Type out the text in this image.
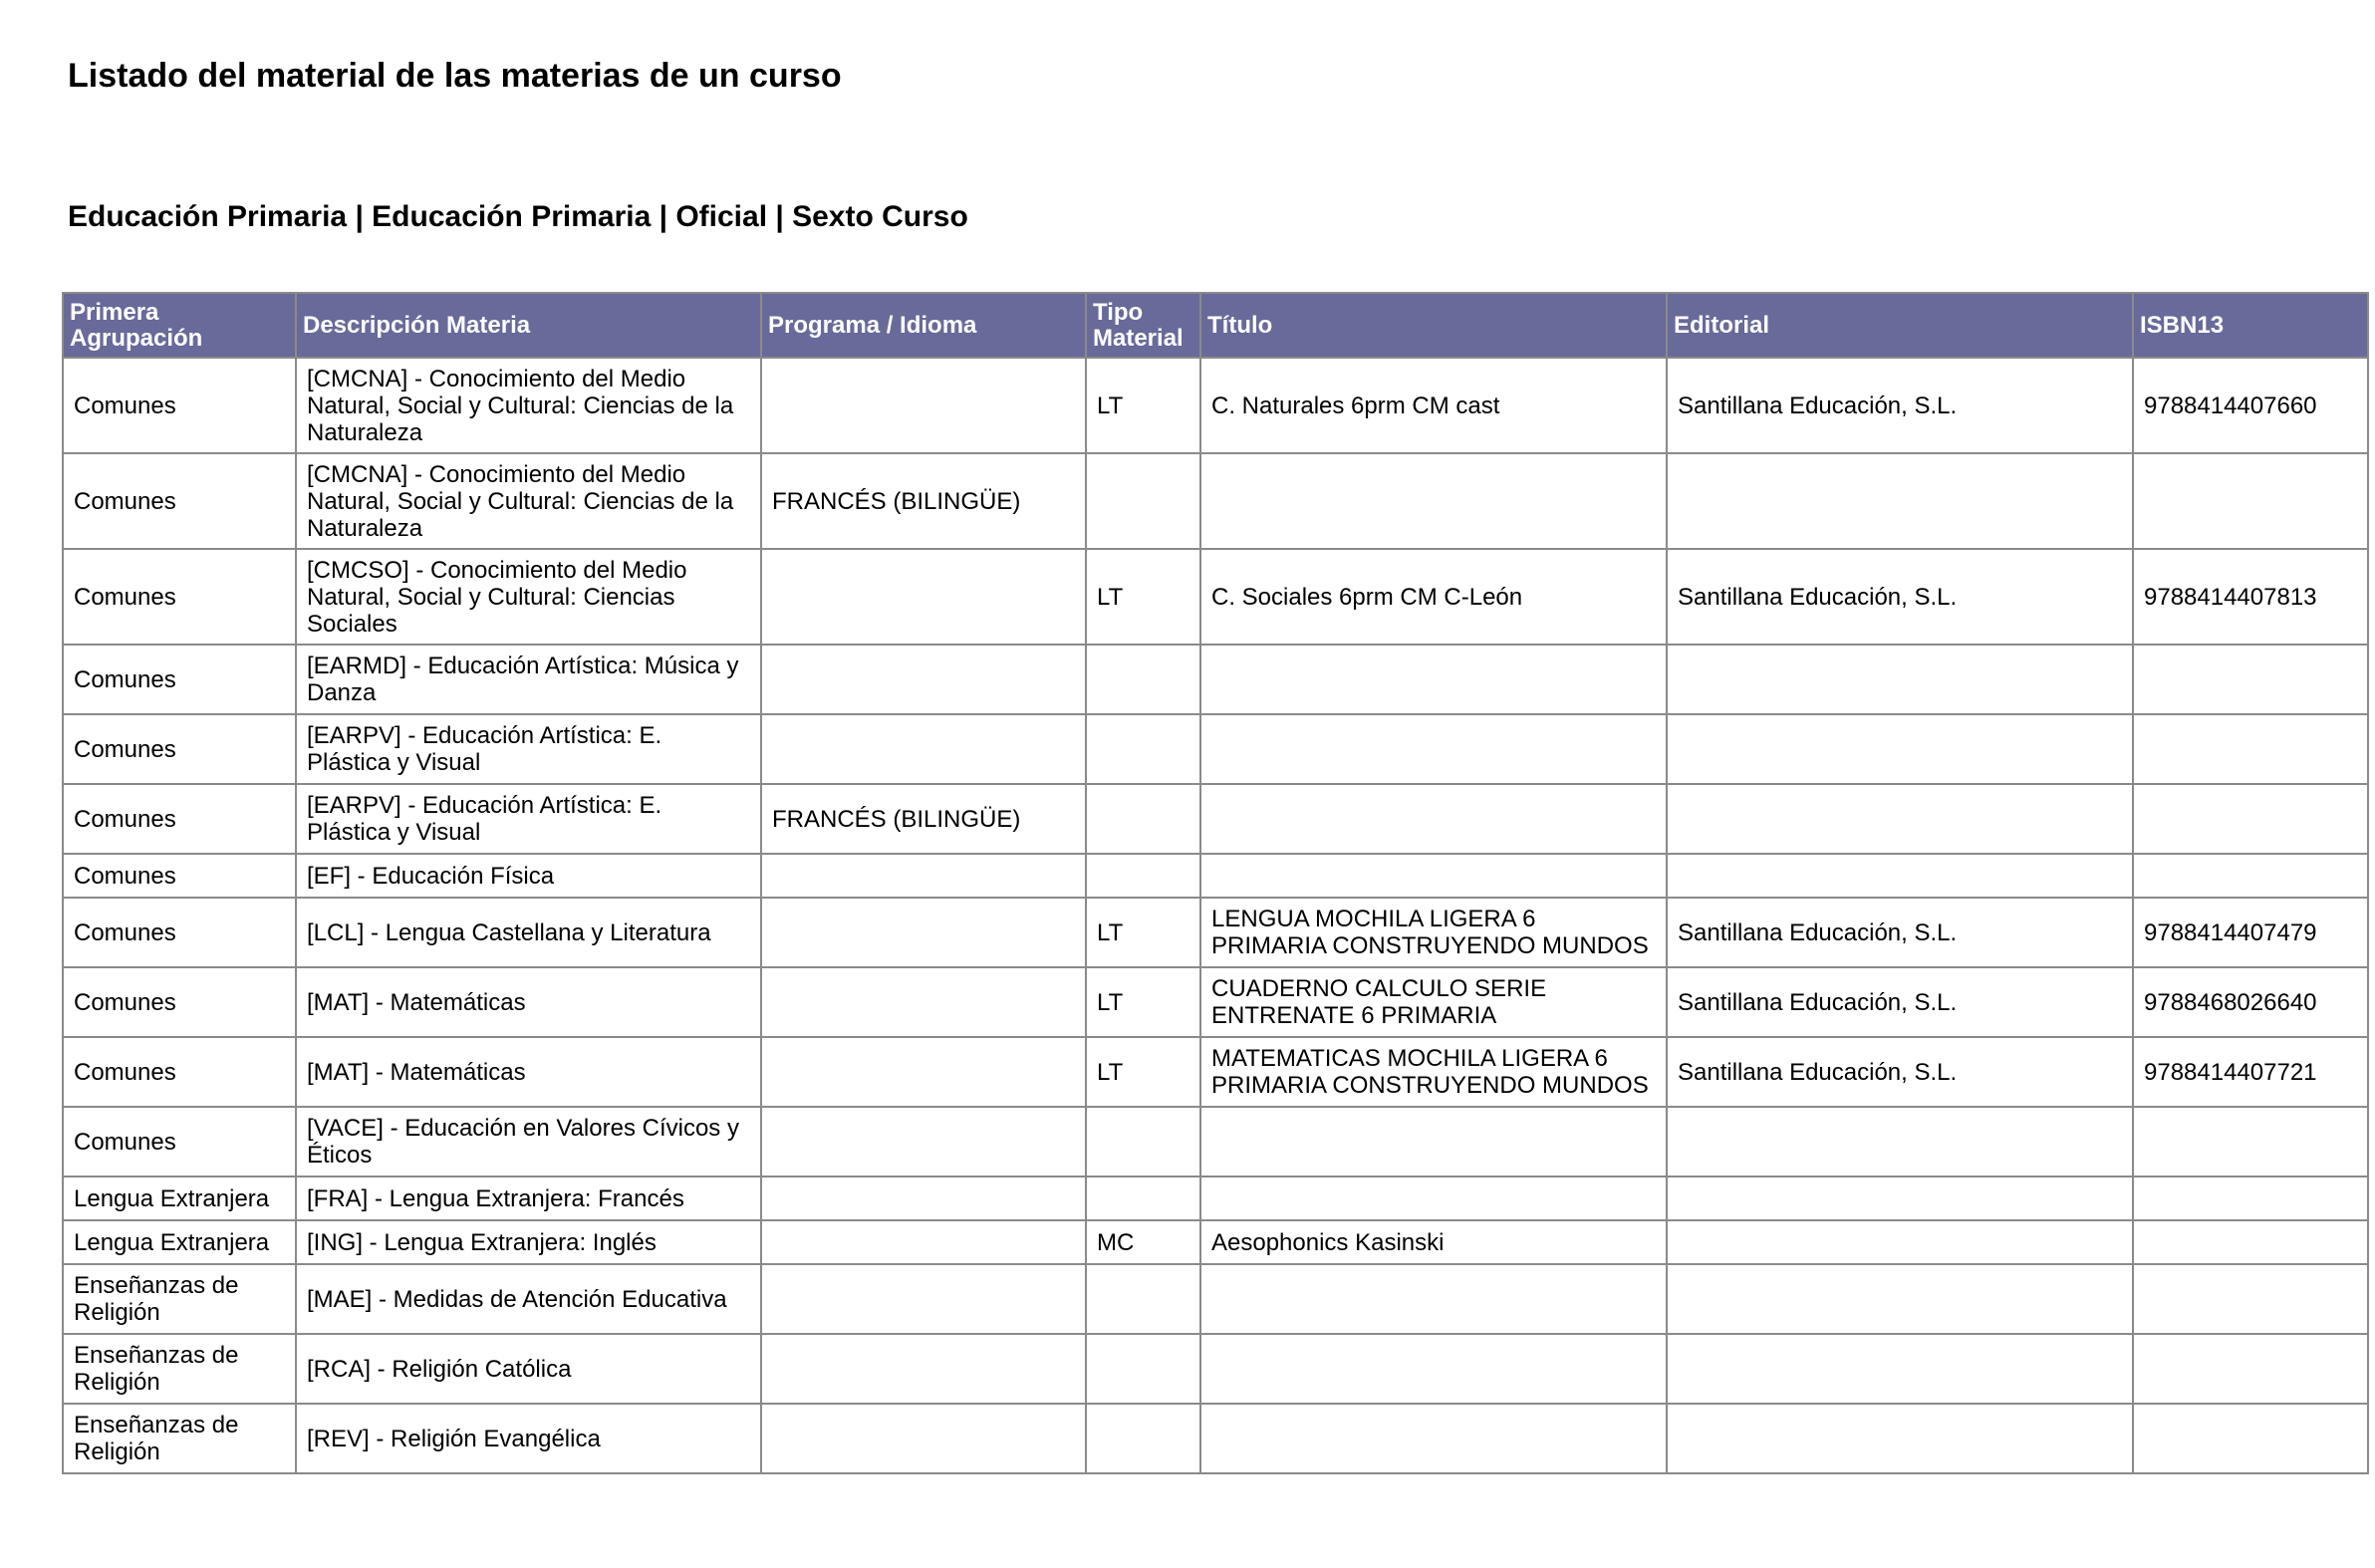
Listado del material de las materias de un curso
Educación Primaria | Educación Primaria | Oficial | Sexto Curso
Primera Agrupación	Descripción Materia	Programa / Idioma	Tipo Material	Título	Editorial	ISBN13
Comunes	[CMCNA] - Conocimiento del Medio Natural, Social y Cultural: Ciencias de la Naturaleza		LT	C. Naturales 6prm CM cast	Santillana Educación, S.L.	9788414407660
Comunes	[CMCNA] - Conocimiento del Medio Natural, Social y Cultural: Ciencias de la Naturaleza	FRANCÉS (BILINGÜE)				
Comunes	[CMCSO] - Conocimiento del Medio Natural, Social y Cultural: Ciencias Sociales		LT	C. Sociales 6prm CM C-León	Santillana Educación, S.L.	9788414407813
Comunes	[EARMD] - Educación Artística: Música y Danza					
Comunes	[EARPV] - Educación Artística: E. Plástica y Visual					
Comunes	[EARPV] - Educación Artística: E. Plástica y Visual	FRANCÉS (BILINGÜE)				
Comunes	[EF] - Educación Física					
Comunes	[LCL] - Lengua Castellana y Literatura		LT	LENGUA MOCHILA LIGERA 6 PRIMARIA CONSTRUYENDO MUNDOS	Santillana Educación, S.L.	9788414407479
Comunes	[MAT] - Matemáticas		LT	CUADERNO CALCULO SERIE ENTRENATE 6 PRIMARIA	Santillana Educación, S.L.	9788468026640
Comunes	[MAT] - Matemáticas		LT	MATEMATICAS MOCHILA LIGERA 6 PRIMARIA CONSTRUYENDO MUNDOS	Santillana Educación, S.L.	9788414407721
Comunes	[VACE] - Educación en Valores Cívicos y Éticos					
Lengua Extranjera	[FRA] - Lengua Extranjera: Francés					
Lengua Extranjera	[ING] - Lengua Extranjera: Inglés		MC	Aesophonics Kasinski		
Enseñanzas de Religión	[MAE] - Medidas de Atención Educativa					
Enseñanzas de Religión	[RCA] - Religión Católica					
Enseñanzas de Religión	[REV] - Religión Evangélica					
